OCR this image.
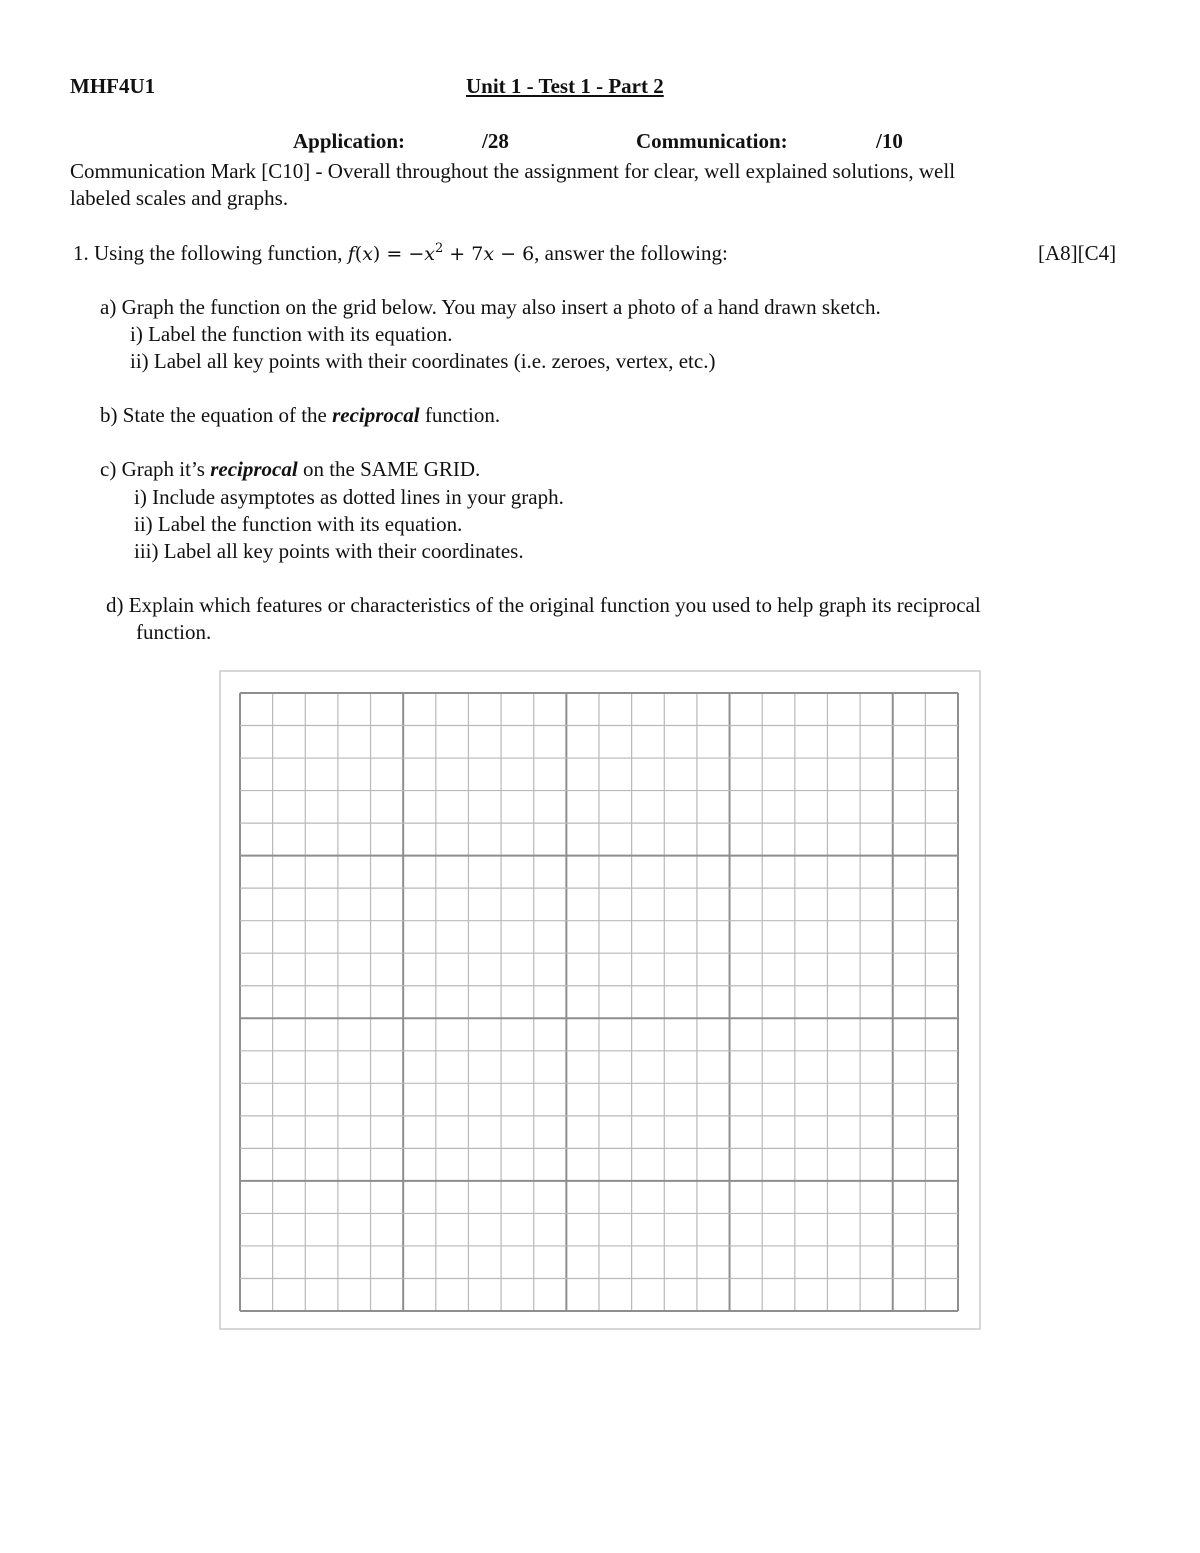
MHF4U1	Unit 1 - Test 1 - Part 2
Application:	/28	Communication:	/10
Communication Mark [C10] - Overall throughout the assignment for clear, well explained solutions, well
labeled scales and graphs.
1. Using the following function, $f(x) = -x^2 + 7x - 6$, answer the following:	[A8][C4]
a) Graph the function on the grid below. You may also insert a photo of a hand drawn sketch.
i) Label the function with its equation.
ii) Label all key points with their coordinates (i.e. zeroes, vertex, etc.)
b) State the equation of the reciprocal function.
c) Graph it’s reciprocal on the SAME GRID.
i) Include asymptotes as dotted lines in your graph.
ii) Label the function with its equation.
iii) Label all key points with their coordinates.
d) Explain which features or characteristics of the original function you used to help graph its reciprocal
function.
